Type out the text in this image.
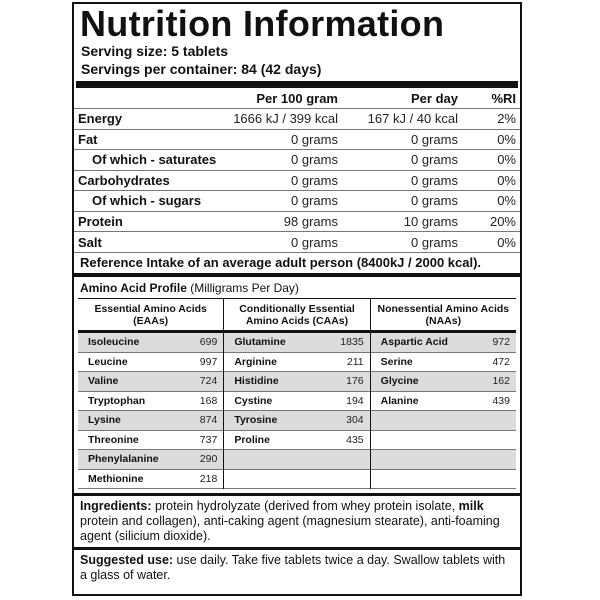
Nutrition Information
Serving size: 5 tablets
Servings per container: 84 (42 days)
	Per 100 gram	Per day	%RI
Energy	1666 kJ / 399 kcal	167 kJ / 40 kcal	2%
Fat	0 grams	0 grams	0%
Of which - saturates	0 grams	0 grams	0%
Carbohydrates	0 grams	0 grams	0%
Of which - sugars	0 grams	0 grams	0%
Protein	98 grams	10 grams	20%
Salt	0 grams	0 grams	0%
Reference Intake of an average adult person (8400kJ / 2000 kcal).
Amino Acid Profile (Milligrams Per Day)
Essential Amino Acids (EAAs)
Isoleucine	699
Leucine	997
Valine	724
Tryptophan	168
Lysine	874
Threonine	737
Phenylalanine	290
Methionine	218
Conditionally Essential Amino Acids (CAAs)
Glutamine	1835
Arginine	211
Histidine	176
Cystine	194
Tyrosine	304
Proline	435
Nonessential Amino Acids (NAAs)
Aspartic Acid	972
Serine	472
Glycine	162
Alanine	439
Ingredients: protein hydrolyzate (derived from whey protein isolate, milk protein and collagen), anti-caking agent (magnesium stearate), anti-foaming agent (silicium dioxide).
Suggested use: use daily. Take five tablets twice a day. Swallow tablets with a glass of water.
